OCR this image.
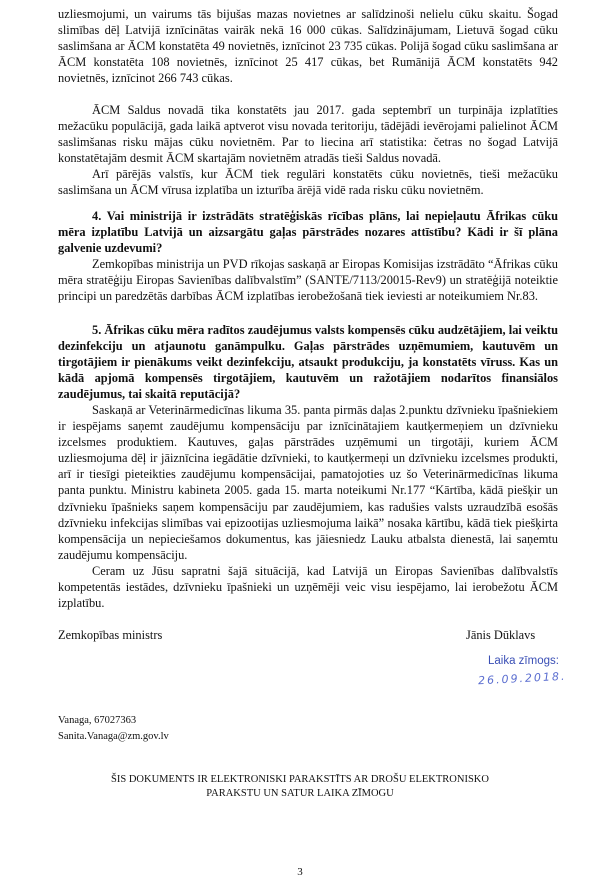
uzliesmojumi, un vairums tās bijušas mazas novietnes ar salīdzinoši nelielu cūku skaitu. Šogad slimības dēļ Latvijā iznīcinātas vairāk nekā 16 000 cūkas. Salīdzinājumam, Lietuvā šogad cūku saslimšana ar ĀCM konstatēta 49 novietnēs, iznīcinot 23 735 cūkas. Polijā šogad cūku saslimšana ar ĀCM konstatēta 108 novietnēs, iznīcinot 25 417 cūkas, bet Rumānijā ĀCM konstatēts 942 novietnēs, iznīcinot 266 743 cūkas.

ĀCM Saldus novadā tika konstatēts jau 2017. gada septembrī un turpināja izplatīties mežacūku populācijā, gada laikā aptverot visu novada teritoriju, tādējādi ievērojami palielinot ĀCM saslimšanas risku mājas cūku novietnēm. Par to liecina arī statistika: četras no šogad Latvijā konstatētajām desmit ĀCM skartajām novietnēm atradās tieši Saldus novadā.

Arī pārējās valstīs, kur ĀCM tiek regulāri konstatēts cūku novietnēs, tieši mežacūku saslimšana un ĀCM vīrusa izplatība un izturība ārējā vidē rada risku cūku novietnēm.

4. Vai ministrijā ir izstrādāts stratēģiskās rīcības plāns, lai nepieļautu Āfrikas cūku mēra izplatību Latvijā un aizsargātu gaļas pārstrādes nozares attīstību? Kādi ir šī plāna galvenie uzdevumi?

Zemkopības ministrija un PVD rīkojas saskaņā ar Eiropas Komisijas izstrādāto “Āfrikas cūku mēra stratēģiju Eiropas Savienības dalībvalstīm” (SANTE/7113/20015-Rev9) un stratēģijā noteiktie principi un paredzētās darbības ĀCM izplatības ierobežošanā tiek ieviesti ar noteikumiem Nr.83.

5. Āfrikas cūku mēra radītos zaudējumus valsts kompensēs cūku audzētājiem, lai veiktu dezinfekciju un atjaunotu ganāmpulku. Gaļas pārstrādes uzņēmumiem, kautuvēm un tirgotājiem ir pienākums veikt dezinfekciju, atsaukt produkciju, ja konstatēts vīruss. Kas un kādā apjomā kompensēs tirgotājiem, kautuvēm un ražotājiem nodarītos finansiālos zaudējumus, tai skaitā reputācijā?

Saskaņā ar Veterinārmedicīnas likuma 35. panta pirmās daļas 2.punktu dzīvnieku īpašniekiem ir iespējams saņemt zaudējumu kompensāciju par iznīcinātajiem kautķermeņiem un dzīvnieku izcelsmes produktiem. Kautuves, gaļas pārstrādes uzņēmumi un tirgotāji, kuriem ĀCM uzliesmojuma dēļ ir jāiznīcina iegādātie dzīvnieki, to kautķermeņi un dzīvnieku izcelsmes produkti, arī ir tiesīgi pieteikties zaudējumu kompensācijai, pamatojoties uz šo Veterinārmedicīnas likuma panta punktu. Ministru kabineta 2005. gada 15. marta noteikumi Nr.177 “Kārtība, kādā piešķir un dzīvnieku īpašnieks saņem kompensāciju par zaudējumiem, kas radušies valsts uzraudzībā esošās dzīvnieku infekcijas slimības vai epizootijas uzliesmojuma laikā” nosaka kārtību, kādā tiek piešķirta kompensācija un nepieciešamos dokumentus, kas jāiesniedz Lauku atbalsta dienestā, lai saņemtu zaudējumu kompensāciju.

Ceram uz Jūsu sapratni šajā situācijā, kad Latvijā un Eiropas Savienības dalībvalstīs kompetentās iestādes, dzīvnieku īpašnieki un uzņēmēji veic visu iespējamo, lai ierobežotu ĀCM izplatību.

Zemkopības ministrs	Jānis Dūklavs
Laika zīmogs:
26.09.2018.
Vanaga, 67027363
Sanita.Vanaga@zm.gov.lv
ŠIS DOKUMENTS IR ELEKTRONISKI PARAKSTĪTS AR DROŠU ELEKTRONISKO
PARAKSTU UN SATUR LAIKA ZĪMOGU
3
